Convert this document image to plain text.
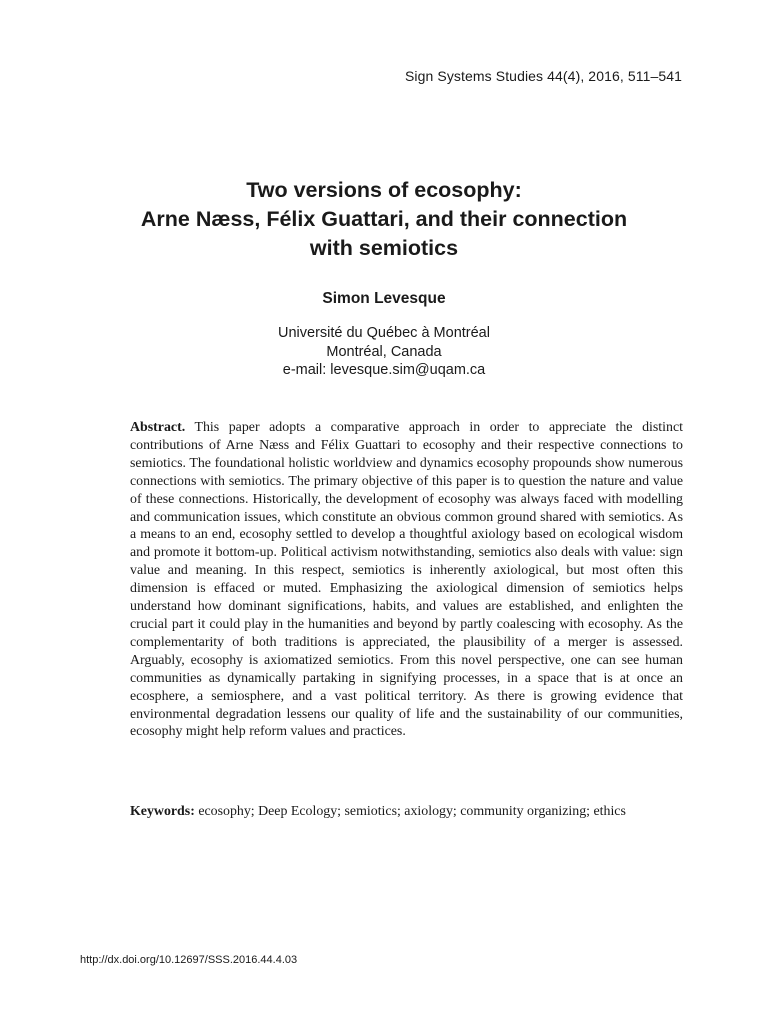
Sign Systems Studies 44(4), 2016, 511–541
Two versions of ecosophy:
Arne Næss, Félix Guattari, and their connection
with semiotics
Simon Levesque
Université du Québec à Montréal
Montréal, Canada
e-mail: levesque.sim@uqam.ca

Abstract. This paper adopts a comparative approach in order to appreciate the distinct contributions of Arne Næss and Félix Guattari to ecosophy and their respective connections to semiotics. The foundational holistic worldview and dynamics ecosophy propounds show numerous connections with semiotics. The primary objective of this paper is to question the nature and value of these connections. Historically, the development of ecosophy was always faced with modelling and communication issues, which constitute an obvious common ground shared with semiotics. As a means to an end, ecosophy settled to develop a thoughtful axiology based on ecological wisdom and promote it bottom-up. Political activism notwithstanding, semiotics also deals with value: sign value and meaning. In this respect, semiotics is inherently axiological, but most often this dimension is effaced or muted. Emphasizing the axiological dimension of semiotics helps understand how dominant significations, habits, and values are established, and enlighten the crucial part it could play in the humanities and beyond by partly coalescing with ecosophy. As the complementarity of both traditions is appreciated, the plausibility of a merger is assessed. Arguably, ecosophy is axiomatized semiotics. From this novel perspective, one can see human communities as dynamically partaking in signifying processes, in a space that is at once an ecosphere, a semiosphere, and a vast political territory. As there is growing evidence that environmental degradation lessens our quality of life and the sustainability of our communities, ecosophy might help reform values and practices.

Keywords: ecosophy; Deep Ecology; semiotics; axiology; community organizing; ethics

http://dx.doi.org/10.12697/SSS.2016.44.4.03
